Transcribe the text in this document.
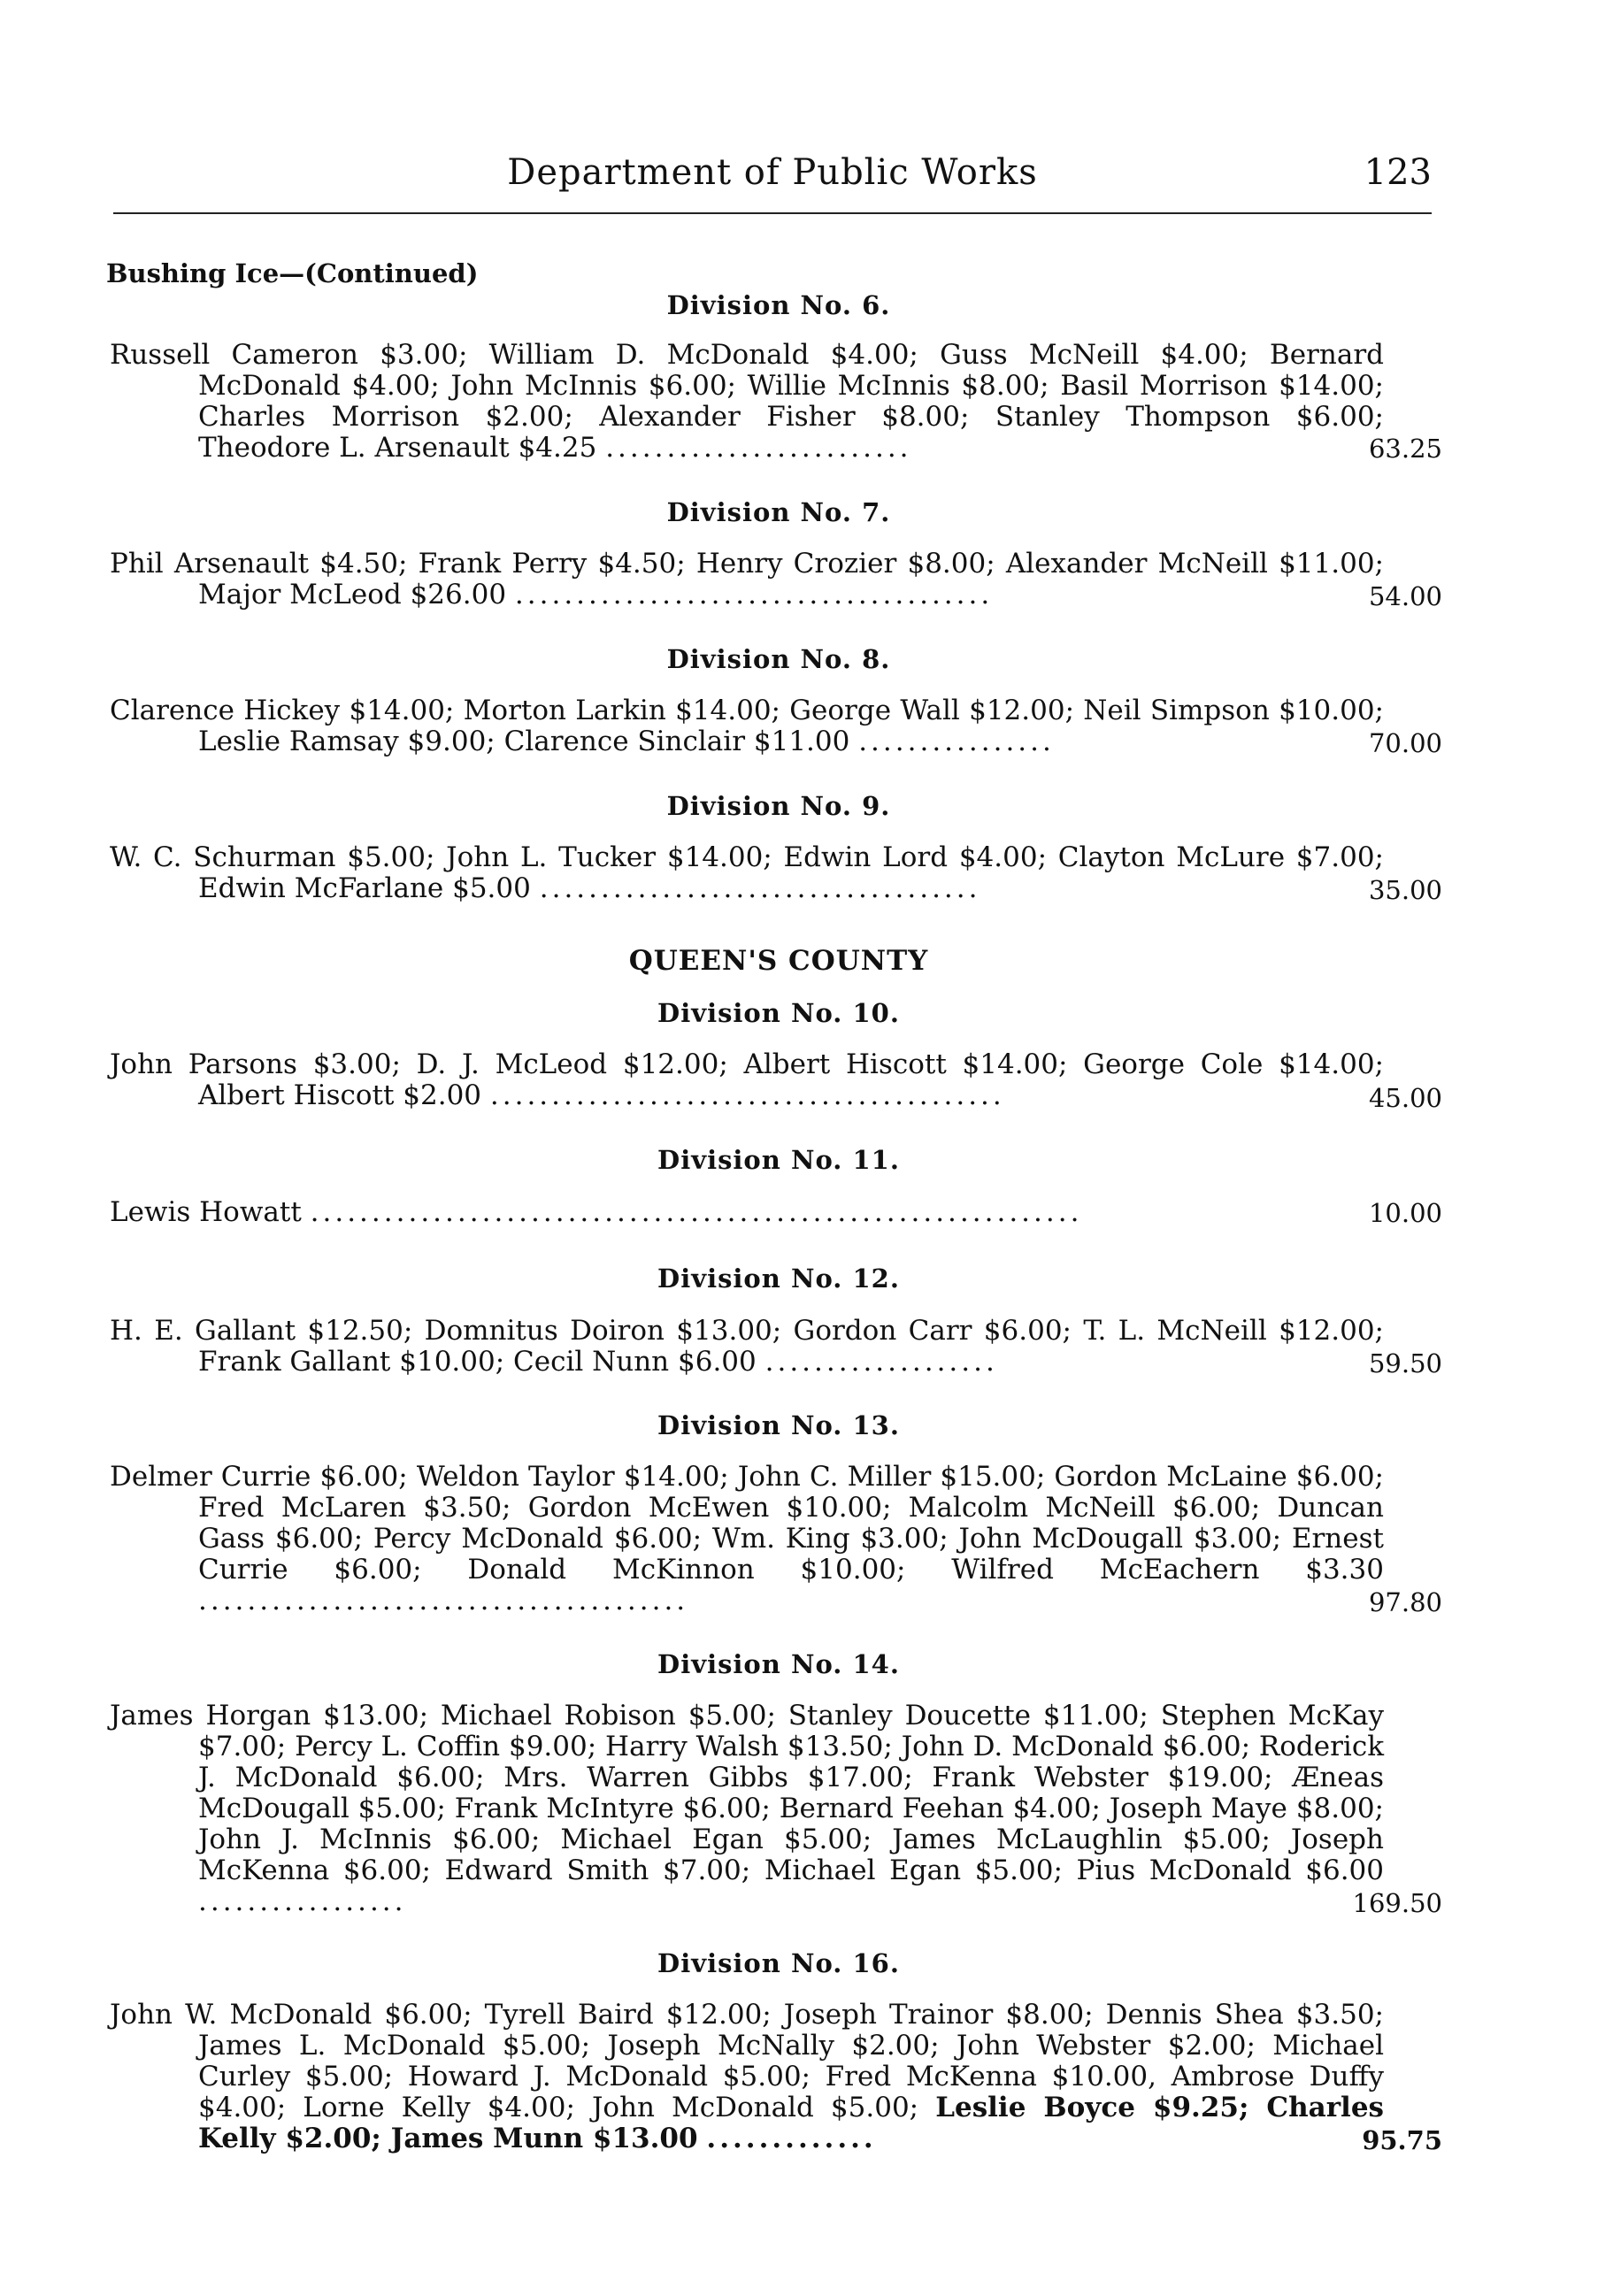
Department of Public Works	123
Bushing Ice—(Continued)
Division No. 6.
Russell Cameron $3.00; William D. McDonald $4.00; Guss McNeill $4.00; Bernard McDonald $4.00; John McInnis $6.00; Willie McInnis $8.00; Basil Morrison $14.00; Charles Morrison $2.00; Alexander Fisher $8.00; Stanley Thompson $6.00; Theodore L. Arsenault $4.25 .........................	63.25
Division No. 7.
Phil Arsenault $4.50; Frank Perry $4.50; Henry Crozier $8.00; Alexander McNeill $11.00; Major McLeod $26.00 .......................................	54.00
Division No. 8.
Clarence Hickey $14.00; Morton Larkin $14.00; George Wall $12.00; Neil Simpson $10.00; Leslie Ramsay $9.00; Clarence Sinclair $11.00 ................	70.00
Division No. 9.
W. C. Schurman $5.00; John L. Tucker $14.00; Edwin Lord $4.00; Clayton McLure $7.00; Edwin McFarlane $5.00 ....................................	35.00
QUEEN'S COUNTY
Division No. 10.
John Parsons $3.00; D. J. McLeod $12.00; Albert Hiscott $14.00; George Cole $14.00; Albert Hiscott $2.00 ..........................................	45.00
Division No. 11.
Lewis Howatt ...............................................................	10.00
Division No. 12.
H. E. Gallant $12.50; Domnitus Doiron $13.00; Gordon Carr $6.00; T. L. McNeill $12.00; Frank Gallant $10.00; Cecil Nunn $6.00 ...................	59.50
Division No. 13.
Delmer Currie $6.00; Weldon Taylor $14.00; John C. Miller $15.00; Gordon McLaine $6.00; Fred McLaren $3.50; Gordon McEwen $10.00; Malcolm McNeill $6.00; Duncan Gass $6.00; Percy McDonald $6.00; Wm. King $3.00; John McDougall $3.00; Ernest Currie $6.00; Donald McKinnon $10.00; Wilfred McEachern $3.30 ........................................	97.80
Division No. 14.
James Horgan $13.00; Michael Robison $5.00; Stanley Doucette $11.00; Stephen McKay $7.00; Percy L. Coffin $9.00; Harry Walsh $13.50; John D. McDonald $6.00; Roderick J. McDonald $6.00; Mrs. Warren Gibbs $17.00; Frank Webster $19.00; Æneas McDougall $5.00; Frank McIntyre $6.00; Bernard Feehan $4.00; Joseph Maye $8.00; John J. McInnis $6.00; Michael Egan $5.00; James McLaughlin $5.00; Joseph McKenna $6.00; Edward Smith $7.00; Michael Egan $5.00; Pius McDonald $6.00 .................	169.50
Division No. 16.
John W. McDonald $6.00; Tyrell Baird $12.00; Joseph Trainor $8.00; Dennis Shea $3.50; James L. McDonald $5.00; Joseph McNally $2.00; John Webster $2.00; Michael Curley $5.00; Howard J. McDonald $5.00; Fred McKenna $10.00, Ambrose Duffy $4.00; Lorne Kelly $4.00; John McDonald $5.00; Leslie Boyce $9.25; Charles Kelly $2.00; James Munn $13.00 .............	95.75
